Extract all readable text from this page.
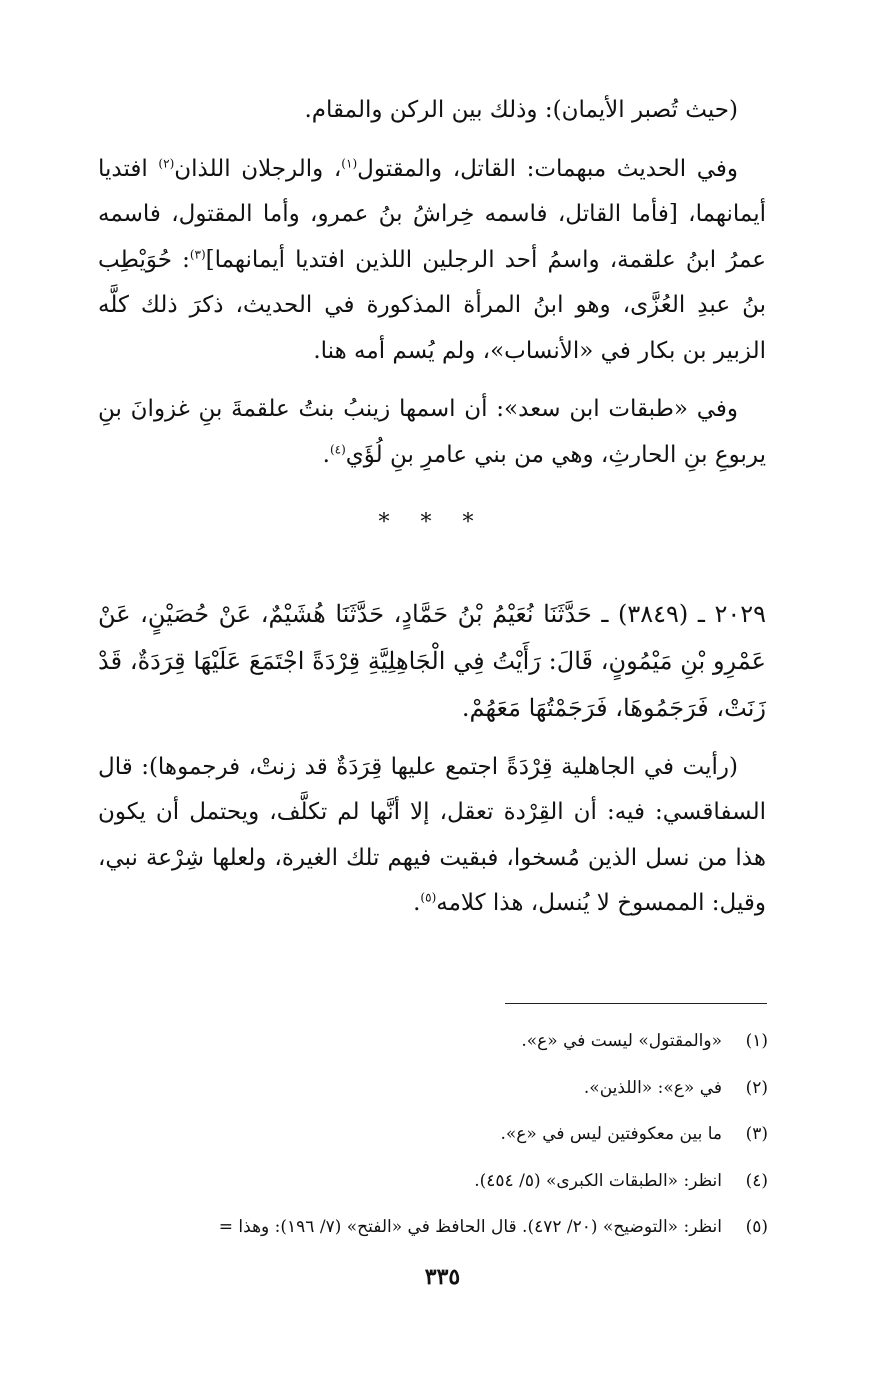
(حيث تُصبر الأيمان): وذلك بين الركن والمقام.

وفي الحديث مبهمات: القاتل، والمقتول$^{(١)}$، والرجلان اللذان$^{(٢)}$ افتديا أيمانهما، [فأما القاتل، فاسمه خِراشُ بنُ عمرو، وأما المقتول، فاسمه عمرُ ابنُ علقمة، واسمُ أحد الرجلين اللذين افتديا أيمانهما]$^{(٣)}$: حُوَيْطِب بنُ عبدِ العُزَّى، وهو ابنُ المرأة المذكورة في الحديث، ذكرَ ذلك كلَّه الزبير بن بكار في «الأنساب»، ولم يُسم أمه هنا.

وفي «طبقات ابن سعد»: أن اسمها زينبُ بنتُ علقمةَ بنِ غزوانَ بنِ يربوعِ بنِ الحارثِ، وهي من بني عامرِ بنِ لُؤَي$^{(٤)}$.

* * *

٢٠٢٩ ـ (٣٨٤٩) ـ حَدَّثَنَا نُعَيْمُ بْنُ حَمَّادٍ، حَدَّثَنَا هُشَيْمٌ، عَنْ حُصَيْنٍ، عَنْ عَمْرِو بْنِ مَيْمُونٍ، قَالَ: رَأَيْتُ فِي الْجَاهِلِيَّةِ قِرْدَةً اجْتَمَعَ عَلَيْهَا قِرَدَةٌ، قَدْ زَنَتْ، فَرَجَمُوهَا، فَرَجَمْتُهَا مَعَهُمْ.

(رأيت في الجاهلية قِرْدَةً اجتمع عليها قِرَدَةٌ قد زنتْ، فرجموها): قال السفاقسي: فيه: أن القِرْدة تعقل، إلا أنَّها لم تكلَّف، ويحتمل أن يكون هذا من نسل الذين مُسخوا، فبقيت فيهم تلك الغيرة، ولعلها شِرْعة نبي، وقيل: الممسوخ لا يُنسل، هذا كلامه$^{(٥)}$.

(١)«والمقتول» ليست في «ع».
(٢)في «ع»: «اللذين».
(٣)ما بين معكوفتين ليس في «ع».
(٤)انظر: «الطبقات الكبرى» (٥/ ٤٥٤).
(٥)انظر: «التوضيح» (٢٠/ ٤٧٢). قال الحافظ في «الفتح» (٧/ ١٩٦): وهذا =
٣٣٥
